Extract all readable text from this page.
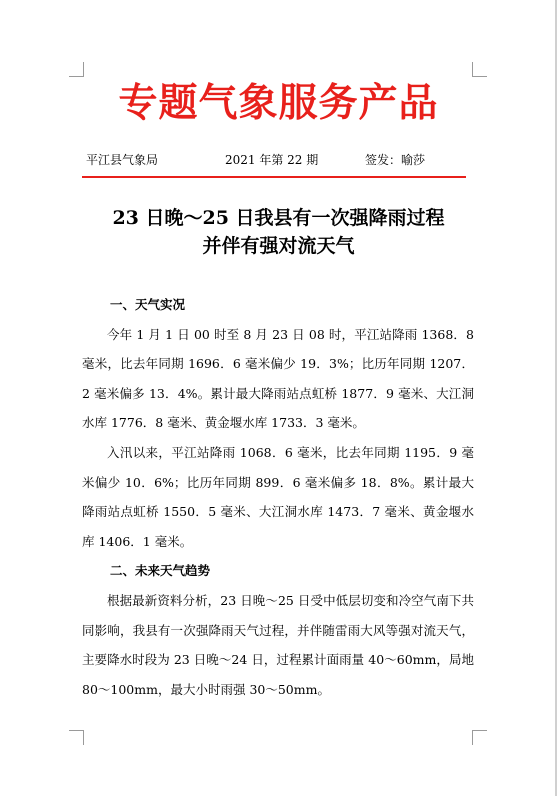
专题气象服务产品
平江县气象局	2021 年第 22 期	签发：喻莎
23 日晚～25 日我县有一次强降雨过程
并伴有强对流天气
一、天气实况
今年 1 月 1 日 00 时至 8 月 23 日 08 时，平江站降雨 1368．8 毫米，比去年同期 1696．6 毫米偏少 19．3%；比历年同期 1207．2 毫米偏多 13．4%。累计最大降雨站点虹桥 1877．9 毫米、大江洞水库 1776．8 毫米、黄金堰水库 1733．3 毫米。
入汛以来，平江站降雨 1068．6 毫米，比去年同期 1195．9 毫米偏少 10．6%；比历年同期 899．6 毫米偏多 18．8%。累计最大降雨站点虹桥 1550．5 毫米、大江洞水库 1473．7 毫米、黄金堰水库 1406．1 毫米。
二、未来天气趋势
根据最新资料分析，23 日晚～25 日受中低层切变和冷空气南下共同影响，我县有一次强降雨天气过程，并伴随雷雨大风等强对流天气，主要降水时段为 23 日晚～24 日，过程累计面雨量 40～60mm，局地 80～100mm，最大小时雨强 30～50mm。
